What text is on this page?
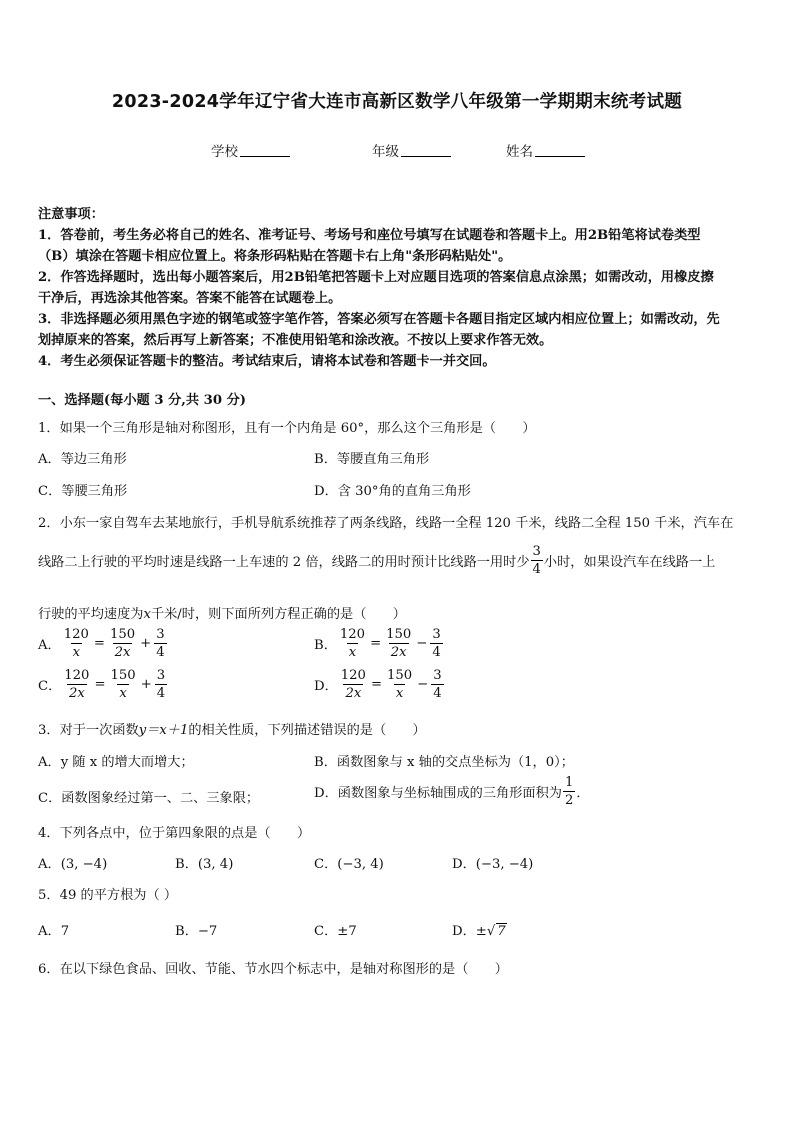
2023-2024学年辽宁省大连市高新区数学八年级第一学期期末统考试题
学校	年级	姓名
注意事项：
1．答卷前，考生务必将自己的姓名、准考证号、考场号和座位号填写在试题卷和答题卡上。用2B铅笔将试卷类型
（B）填涂在答题卡相应位置上。将条形码粘贴在答题卡右上角"条形码粘贴处"。
2．作答选择题时，选出每小题答案后，用2B铅笔把答题卡上对应题目选项的答案信息点涂黑；如需改动，用橡皮擦
干净后，再选涂其他答案。答案不能答在试题卷上。
3．非选择题必须用黑色字迹的钢笔或签字笔作答，答案必须写在答题卡各题目指定区域内相应位置上；如需改动，先
划掉原来的答案，然后再写上新答案；不准使用铅笔和涂改液。不按以上要求作答无效。
4．考生必须保证答题卡的整洁。考试结束后，请将本试卷和答题卡一并交回。
一、选择题(每小题 3 分,共 30 分)
1．如果一个三角形是轴对称图形，且有一个内角是 60°，那么这个三角形是（　　）
A．等边三角形	B．等腰直角三角形
C．等腰三角形	D．含 30°角的直角三角形
2．小东一家自驾车去某地旅行，手机导航系统推荐了两条线路，线路一全程 120 千米，线路二全程 150 千米，汽车在
线路二上行驶的平均时速是线路一上车速的 2 倍，线路二的用时预计比线路一用时少 $\frac{3}{4}$ 小时，如果设汽车在线路一上
行驶的平均速度为x千米/时，则下面所列方程正确的是（　　）
A． $\frac{120}{x} = \frac{150}{2x} + \frac{3}{4}$	B． $\frac{120}{x} = \frac{150}{2x} - \frac{3}{4}$
C． $\frac{120}{2x} = \frac{150}{x} + \frac{3}{4}$	D． $\frac{120}{2x} = \frac{150}{x} - \frac{3}{4}$
3．对于一次函数y＝x＋1的相关性质，下列描述错误的是（　　）
A．y 随 x 的增大而增大；	B．函数图象与 x 轴的交点坐标为（1，0）；
C．函数图象经过第一、二、三象限；	D．函数图象与坐标轴围成的三角形面积为 $\frac{1}{2}$ ．
4．下列各点中，位于第四象限的点是（　　）
A．(3, −4)	B．(3, 4)	C．(−3, 4)	D．(−3, −4)
5．49 的平方根为（ ）
A．7	B．−7	C．±7	D．±√ 7
6．在以下绿色食品、回收、节能、节水四个标志中，是轴对称图形的是（　　）
